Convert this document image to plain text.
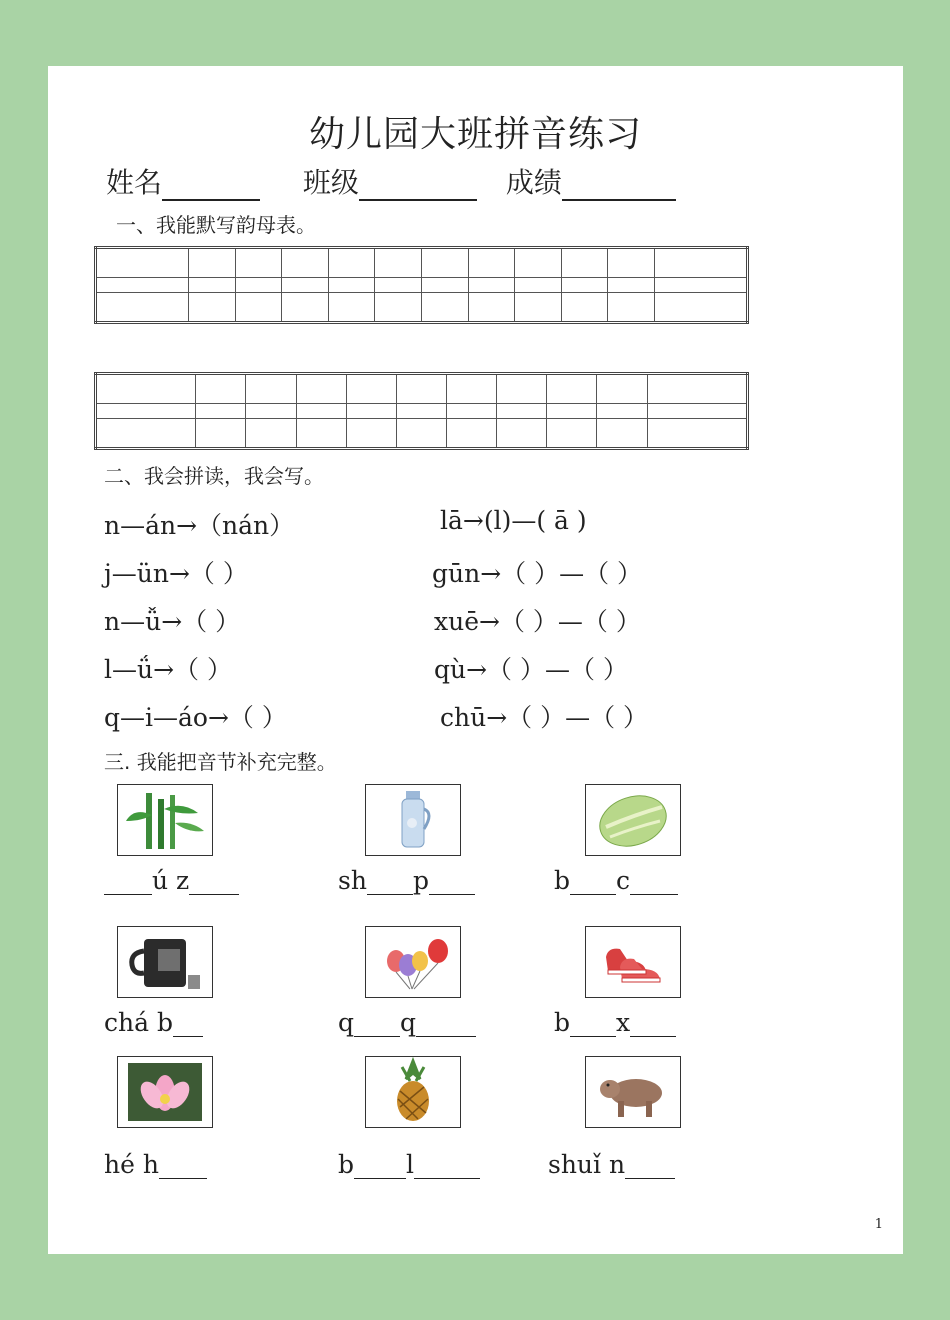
幼儿园大班拼音练习
姓名	班级	成绩
一、我能默写韵母表。

二、我会拼读，我会写。
n—án→（nán）
j—ün→（ ）
n—ǚ→（ ）
l—ǘ→（ ）
q—i—áo→（ ）
lā→(l)—( ā )
gūn→（ ）—（ ）
xuē→（ ）—（ ）
qù→（ ）—（ ）
chū→（ ）—（ ）
三. 我能把音节补充完整。
ú z	sh p	b c
chá b	q q	b x
hé h	b l	shuǐ n
1
